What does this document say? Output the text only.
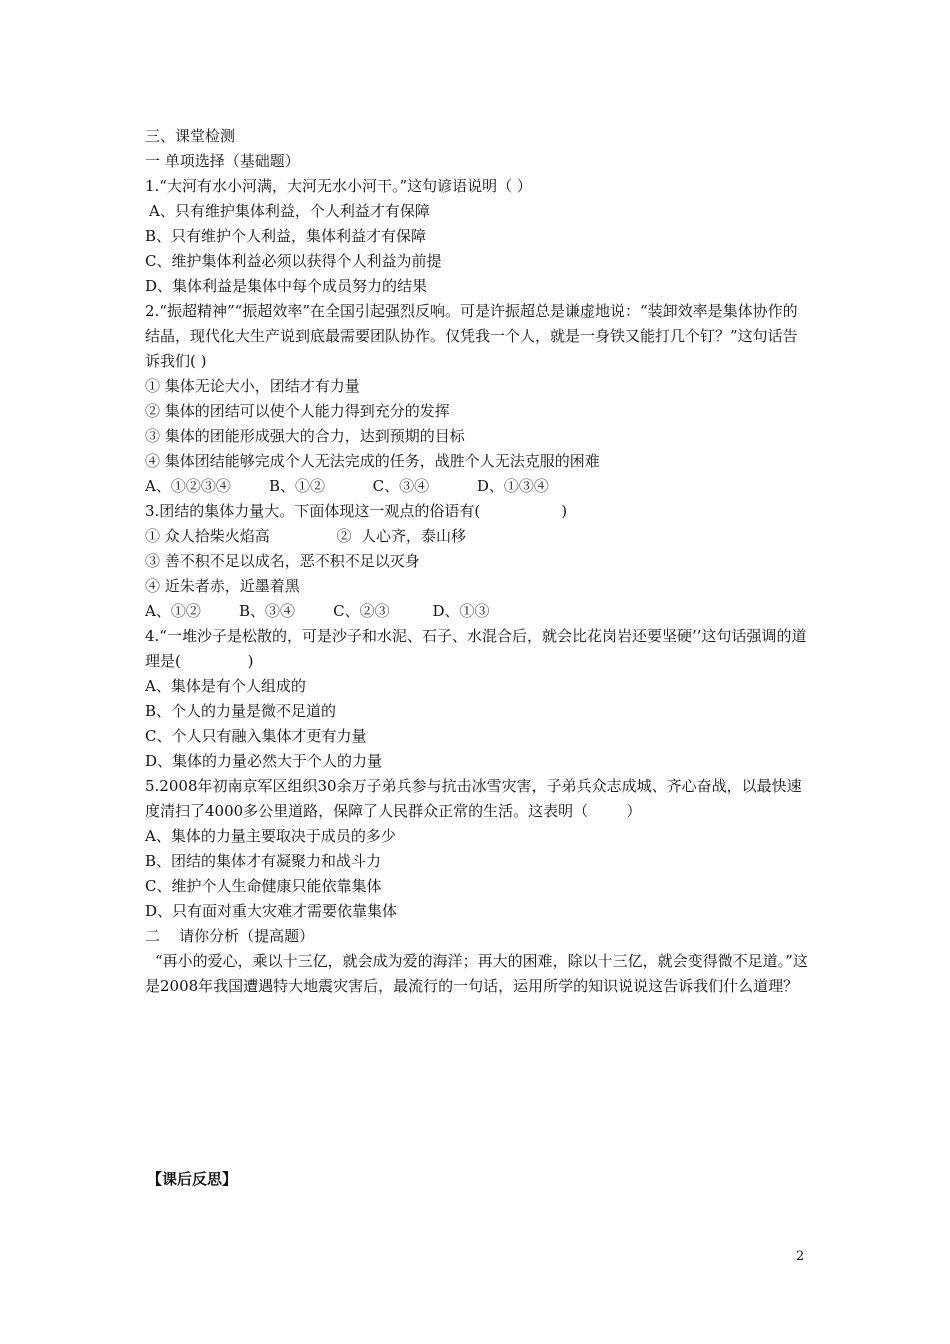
三、课堂检测
一 单项选择（基础题）
1.“大河有水小河满，大河无水小河干。”这句谚语说明（ ）
A、只有维护集体利益，个人利益才有保障
B、只有维护个人利益，集体利益才有保障
C、维护集体利益必须以获得个人利益为前提
D、集体利益是集体中每个成员努力的结果
2.“振超精神”“振超效率”在全国引起强烈反响。可是许振超总是谦虚地说：“装卸效率是集体协作的结晶，现代化大生产说到底最需要团队协作。仅凭我一个人，就是一身铁又能打几个钉？”这句话告诉我们( )
① 集体无论大小，团结才有力量
② 集体的团结可以使个人能力得到充分的发挥
③ 集体的团能形成强大的合力，达到预期的目标
④ 集体团结能够完成个人无法完成的任务，战胜个人无法克服的困难
A、①②③④        B、①②          C、③④          D、①③④
3.团结的集体力量大。下面体现这一观点的俗语有(                 )
① 众人拾柴火焰高              ②  人心齐，泰山移
③ 善不积不足以成名，恶不积不足以灭身
④ 近朱者赤，近墨着黑
A、①②        B、③④        C、②③         D、①③
4.“一堆沙子是松散的，可是沙子和水泥、石子、水混合后，就会比花岗岩还要坚硬’’这句话强调的道理是(              )
A、集体是有个人组成的
B、个人的力量是微不足道的
C、个人只有融入集体才更有力量
D、集体的力量必然大于个人的力量
5.2008年初南京军区组织30余万子弟兵参与抗击冰雪灾害，子弟兵众志成城、齐心奋战，以最快速度清扫了4000多公里道路，保障了人民群众正常的生活。这表明（        ）
A、集体的力量主要取决于成员的多少
B、团结的集体才有凝聚力和战斗力
C、维护个人生命健康只能依靠集体
D、只有面对重大灾难才需要依靠集体
二    请你分析（提高题）
“再小的爱心，乘以十三亿，就会成为爱的海洋；再大的困难，除以十三亿，就会变得微不足道。”这是2008年我国遭遇特大地震灾害后，最流行的一句话，运用所学的知识说说这告诉我们什么道理？
【课后反思】
2
